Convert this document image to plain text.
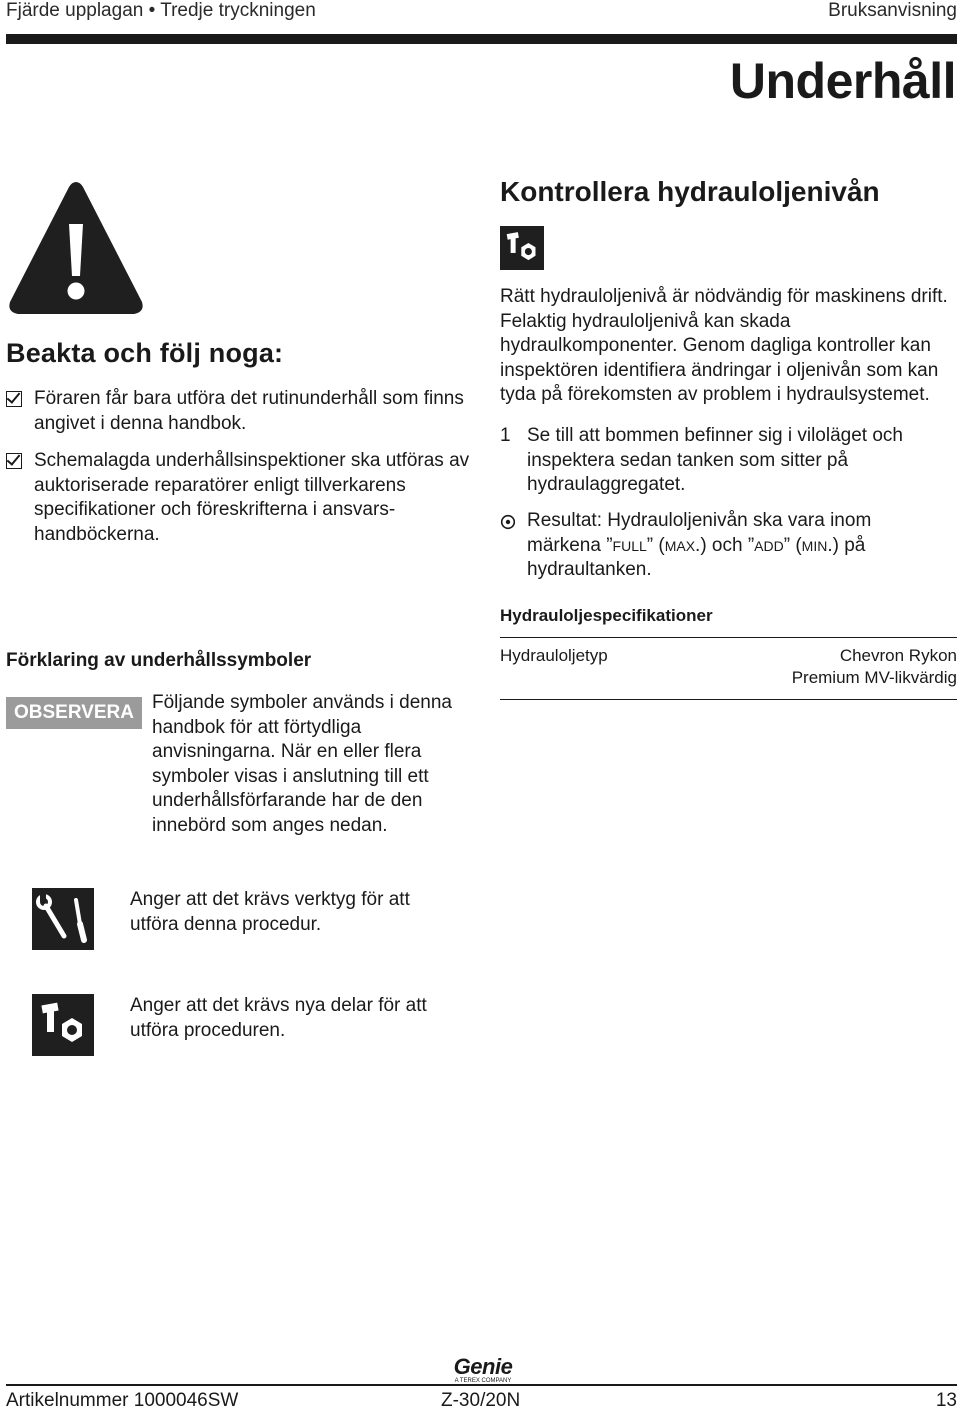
Fjärde upplagan • Tredje tryckningen	Bruksanvisning
Underhåll
Beakta och följ noga:
Föraren får bara utföra det rutinunderhåll som finns angivet i denna handbok.
Schemalagda underhållsinspektioner ska utföras av auktoriserade reparatörer enligt tillverkarens specifikationer och föreskrifterna i ansvars-handböckerna.
Förklaring av underhållssymboler
OBSERVERA Följande symboler används i denna handbok för att förtydliga anvisningarna. När en eller flera symboler visas i anslutning till ett underhållsförfarande har de den innebörd som anges nedan.
Anger att det krävs verktyg för att utföra denna procedur.
Anger att det krävs nya delar för att utföra proceduren.
Kontrollera hydrauloljenivån
Rätt hydrauloljenivå är nödvändig för maskinens drift. Felaktig hydrauloljenivå kan skada hydraulkomponenter. Genom dagliga kontroller kan inspektören identifiera ändringar i oljenivån som kan tyda på förekomsten av problem i hydraulsystemet.
1 Se till att bommen befinner sig i viloläget och inspektera sedan tanken som sitter på hydraulaggregatet.
Resultat: Hydrauloljenivån ska vara inom märkena ”FULL” (MAX.) och ”ADD” (MIN.) på hydraultanken.
Hydrauloljespecifikationer
Hydrauloljetyp	Chevron Rykon
Premium MV-likvärdig
Genie
A TEREX COMPANY
Artikelnummer 1000046SW	Z-30/20N	13
